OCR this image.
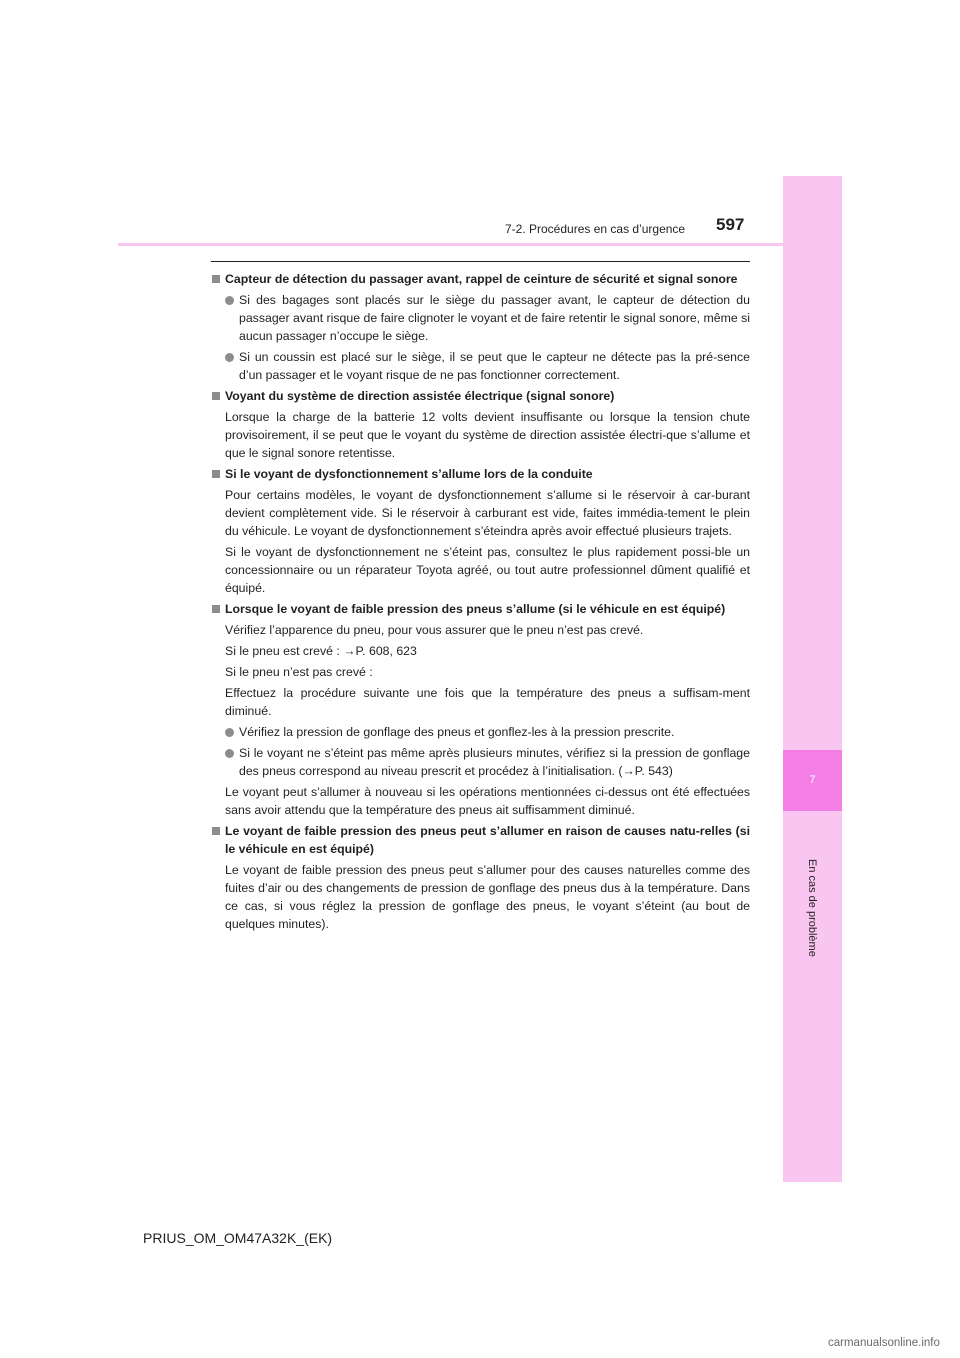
7
En cas de problème
7-2. Procédures en cas d’urgence 597

Capteur de détection du passager avant, rappel de ceinture de sécurité et signal sonore

Si des bagages sont placés sur le siège du passager avant, le capteur de détection du passager avant risque de faire clignoter le voyant et de faire retentir le signal sonore, même si aucun passager n’occupe le siège.

Si un coussin est placé sur le siège, il se peut que le capteur ne détecte pas la pré-sence d’un passager et le voyant risque de ne pas fonctionner correctement.

Voyant du système de direction assistée électrique (signal sonore)

Lorsque la charge de la batterie 12 volts devient insuffisante ou lorsque la tension chute provisoirement, il se peut que le voyant du système de direction assistée électri-que s’allume et que le signal sonore retentisse.

Si le voyant de dysfonctionnement s’allume lors de la conduite

Pour certains modèles, le voyant de dysfonctionnement s’allume si le réservoir à car-burant devient complètement vide. Si le réservoir à carburant est vide, faites immédia-tement le plein du véhicule. Le voyant de dysfonctionnement s’éteindra après avoir effectué plusieurs trajets.

Si le voyant de dysfonctionnement ne s’éteint pas, consultez le plus rapidement possi-ble un concessionnaire ou un réparateur Toyota agréé, ou tout autre professionnel dûment qualifié et équipé.

Lorsque le voyant de faible pression des pneus s’allume (si le véhicule en est équipé)

Vérifiez l’apparence du pneu, pour vous assurer que le pneu n’est pas crevé.

Si le pneu est crevé : →P. 608, 623

Si le pneu n’est pas crevé :

Effectuez la procédure suivante une fois que la température des pneus a suffisam-ment diminué.

Vérifiez la pression de gonflage des pneus et gonflez-les à la pression prescrite.

Si le voyant ne s’éteint pas même après plusieurs minutes, vérifiez si la pression de gonflage des pneus correspond au niveau prescrit et procédez à l’initialisation. (→P. 543)

Le voyant peut s’allumer à nouveau si les opérations mentionnées ci-dessus ont été effectuées sans avoir attendu que la température des pneus ait suffisamment diminué.

Le voyant de faible pression des pneus peut s’allumer en raison de causes natu-relles (si le véhicule en est équipé)

Le voyant de faible pression des pneus peut s’allumer pour des causes naturelles comme des fuites d’air ou des changements de pression de gonflage des pneus dus à la température. Dans ce cas, si vous réglez la pression de gonflage des pneus, le voyant s’éteint (au bout de quelques minutes).

PRIUS_OM_OM47A32K_(EK)
carmanualsonline.info
